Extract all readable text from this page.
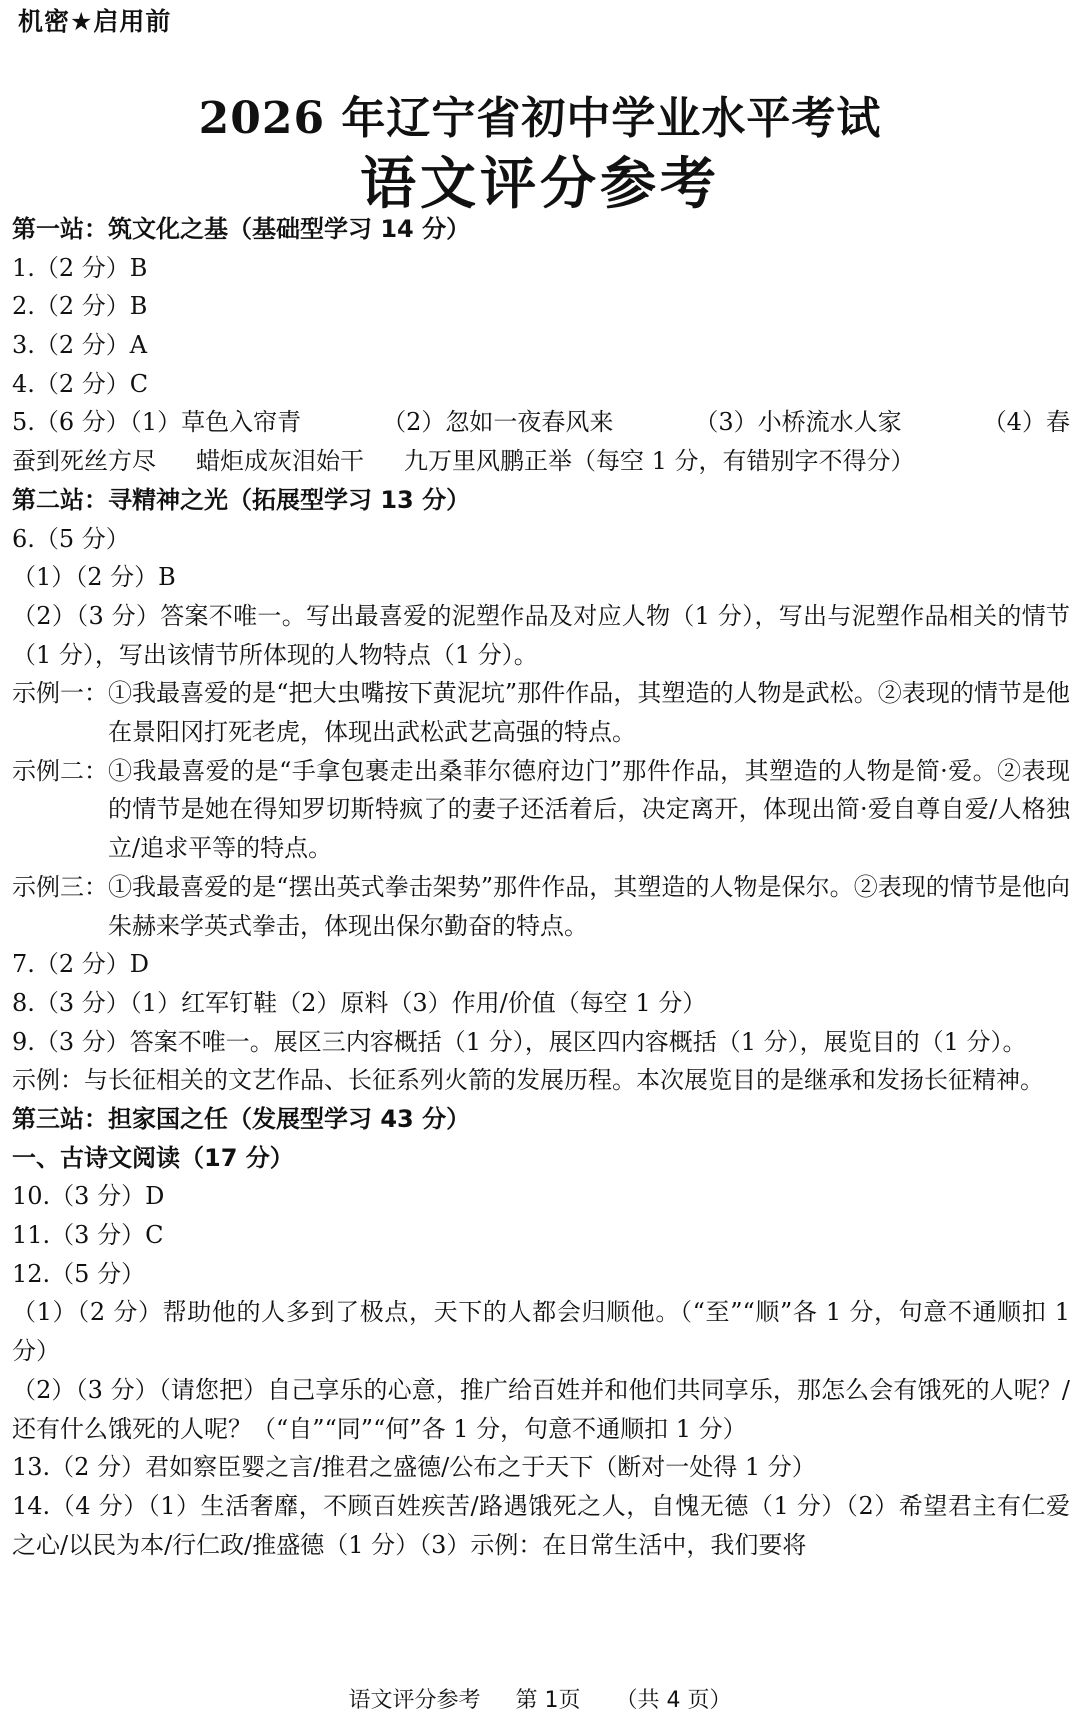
机密★启用前
2026 年辽宁省初中学业水平考试
语文评分参考
第一站：筑文化之基（基础型学习 14 分）
1.（2 分）B
2.（2 分）B
3.（2 分）A
4.（2 分）C
5.（6 分）（1）草色入帘青	（2）忽如一夜春风来	（3）小桥流水人家	（4）春
蚕到死丝方尽 蜡炬成灰泪始干 九万里风鹏正举（每空 1 分，有错别字不得分）
第二站：寻精神之光（拓展型学习 13 分）
6.（5 分）
（1）（2 分）B
（2）（3 分）答案不唯一。写出最喜爱的泥塑作品及对应人物（1 分），写出与泥塑作品相关的情节（1 分），写出该情节所体现的人物特点（1 分）。
示例一： ①我最喜爱的是“把大虫嘴按下黄泥坑”那件作品，其塑造的人物是武松。②表现的情节是他在景阳冈打死老虎，体现出武松武艺高强的特点。
示例二： ①我最喜爱的是“手拿包裹走出桑菲尔德府边门”那件作品，其塑造的人物是简·爱。②表现的情节是她在得知罗切斯特疯了的妻子还活着后，决定离开，体现出简·爱自尊自爱/人格独立/追求平等的特点。
示例三： ①我最喜爱的是“摆出英式拳击架势”那件作品，其塑造的人物是保尔。②表现的情节是他向朱赫来学英式拳击，体现出保尔勤奋的特点。
7.（2 分）D
8.（3 分）（1）红军钉鞋（2）原料（3）作用/价值（每空 1 分）
9.（3 分）答案不唯一。展区三内容概括（1 分），展区四内容概括（1 分），展览目的（1 分）。
示例：与长征相关的文艺作品、长征系列火箭的发展历程。本次展览目的是继承和发扬长征精神。
第三站：担家国之任（发展型学习 43 分）
一、古诗文阅读（17 分）
10.（3 分）D
11.（3 分）C
12.（5 分）
（1）（2 分）帮助他的人多到了极点，天下的人都会归顺他。（“至”“顺”各 1 分，句意不通顺扣 1 分）
（2）（3 分）（请您把）自己享乐的心意，推广给百姓并和他们共同享乐，那怎么会有饿死的人呢？/还有什么饿死的人呢？（“自”“同”“何”各 1 分，句意不通顺扣 1 分）
13.（2 分）君如察臣婴之言/推君之盛德/公布之于天下（断对一处得 1 分）
14.（4 分）（1）生活奢靡，不顾百姓疾苦/路遇饿死之人，自愧无德（1 分）（2）希望君主有仁爱之心/以民为本/行仁政/推盛德（1 分）（3）示例：在日常生活中，我们要将
语文评分参考 第 1页 （共 4 页）
